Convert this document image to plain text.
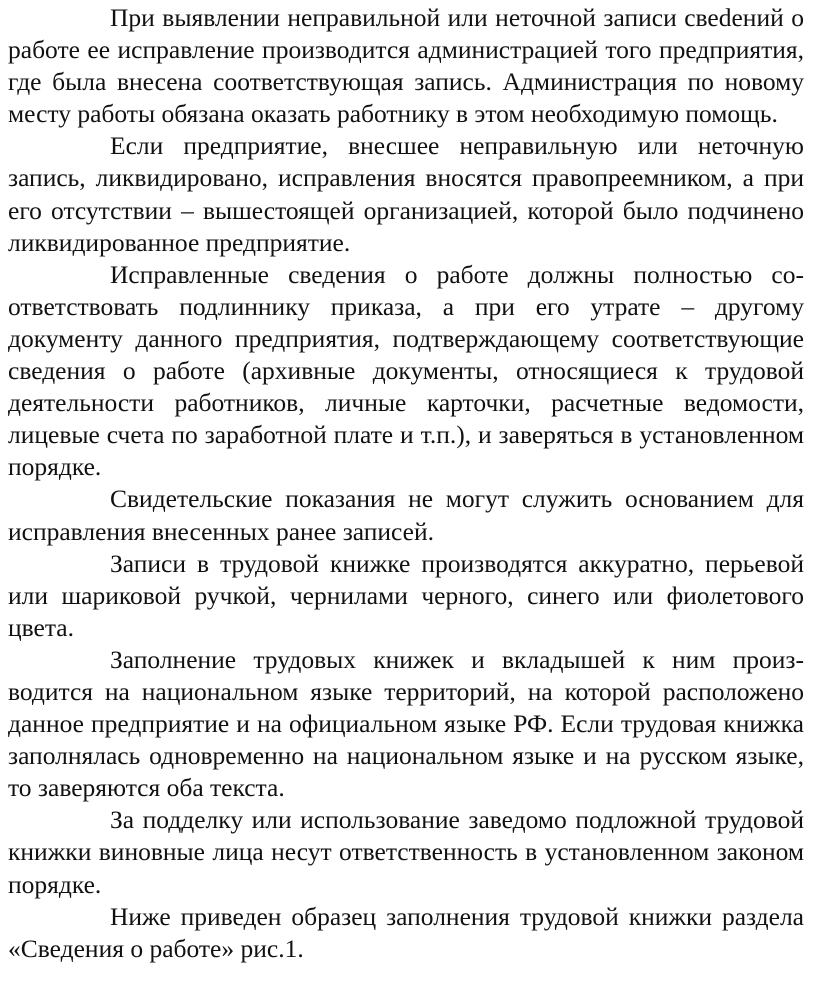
При выявлении неправильной или неточной записи свеdений о работе ее исправление производится администрацией того предприятия, где была внесена соответствующая запись. Администрация по новому месту работы обязана оказать работнику в этом необходимую помощь.

Если предприятие, внесшее неправильную или неточную запись, ликвидировано, исправления вносятся правопреемником, а при его отсутствии – вышестоящей организацией, которой было подчинено ликвидированное предприятие.

Исправленные сведения о работе должны полностью соответствовать подлиннику приказа, а при его утрате – другому документу данного предприятия, подтверждающему соответствующие сведения о работе (архивные документы, относящиеся к трудовой деятельности работников, личные карточки, расчетные ведомости, лицевые счета по заработной плате и т.п.), и заверяться в установленном порядке.

Свидетельские показания не могут служить основанием для исправления внесенных ранее записей.

Записи в трудовой книжке производятся аккуратно, перьевой или шариковой ручкой, чернилами черного, синего или фиолетового цвета.

Заполнение трудовых книжек и вкладышей к ним производится на национальном языке территорий, на которой расположено данное предприятие и на официальном языке РФ. Если трудовая книжка заполнялась одновременно на национальном языке и на русском языке, то заверяются оба текста.

За подделку или использование заведомо подложной трудовой книжки виновные лица несут ответственность в установленном законом порядке.

Ниже приведен образец заполнения трудовой книжки раздела «Сведения о работе» рис.1.
